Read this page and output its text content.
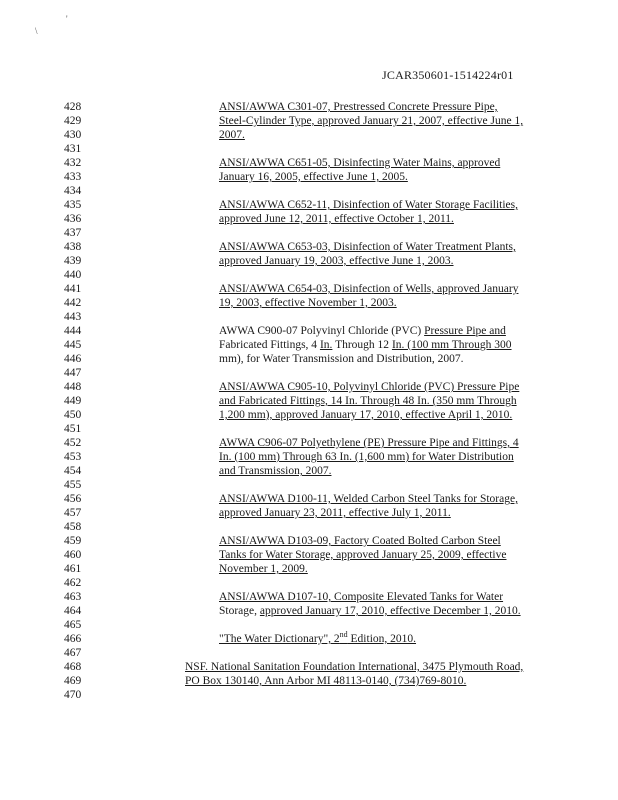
'
\
JCAR350601-1514224r01
428
429
430
431
432
433
434
435
436
437
438
439
440
441
442
443
444
445
446
447
448
449
450
451
452
453
454
455
456
457
458
459
460
461
462
463
464
465
466
467
468
469
470
ANSI/AWWA C301-07, Prestressed Concrete Pressure Pipe,
Steel-Cylinder Type, approved January 21, 2007, effective June 1,
2007.
ANSI/AWWA C651-05, Disinfecting Water Mains, approved
January 16, 2005, effective June 1, 2005.
ANSI/AWWA C652-11, Disinfection of Water Storage Facilities,
approved June 12, 2011, effective October 1, 2011.
ANSI/AWWA C653-03, Disinfection of Water Treatment Plants,
approved January 19, 2003, effective June 1, 2003.
ANSI/AWWA C654-03, Disinfection of Wells, approved January
19, 2003, effective November 1, 2003.
AWWA C900-07 Polyvinyl Chloride (PVC) Pressure Pipe and
Fabricated Fittings, 4 In. Through 12 In. (100 mm Through 300
mm), for Water Transmission and Distribution, 2007.
ANSI/AWWA C905-10, Polyvinyl Chloride (PVC) Pressure Pipe
and Fabricated Fittings, 14 In. Through 48 In. (350 mm Through
1,200 mm), approved January 17, 2010, effective April 1, 2010.
AWWA C906-07 Polyethylene (PE) Pressure Pipe and Fittings, 4
In. (100 mm) Through 63 In. (1,600 mm) for Water Distribution
and Transmission, 2007.
ANSI/AWWA D100-11, Welded Carbon Steel Tanks for Storage,
approved January 23, 2011, effective July 1, 2011.
ANSI/AWWA D103-09, Factory Coated Bolted Carbon Steel
Tanks for Water Storage, approved January 25, 2009, effective
November 1, 2009.
ANSI/AWWA D107-10, Composite Elevated Tanks for Water
Storage, approved January 17, 2010, effective December 1, 2010.
"The Water Dictionary", 2nd Edition, 2010.
NSF. National Sanitation Foundation International, 3475 Plymouth Road,
PO Box 130140, Ann Arbor MI 48113-0140, (734)769-8010.
